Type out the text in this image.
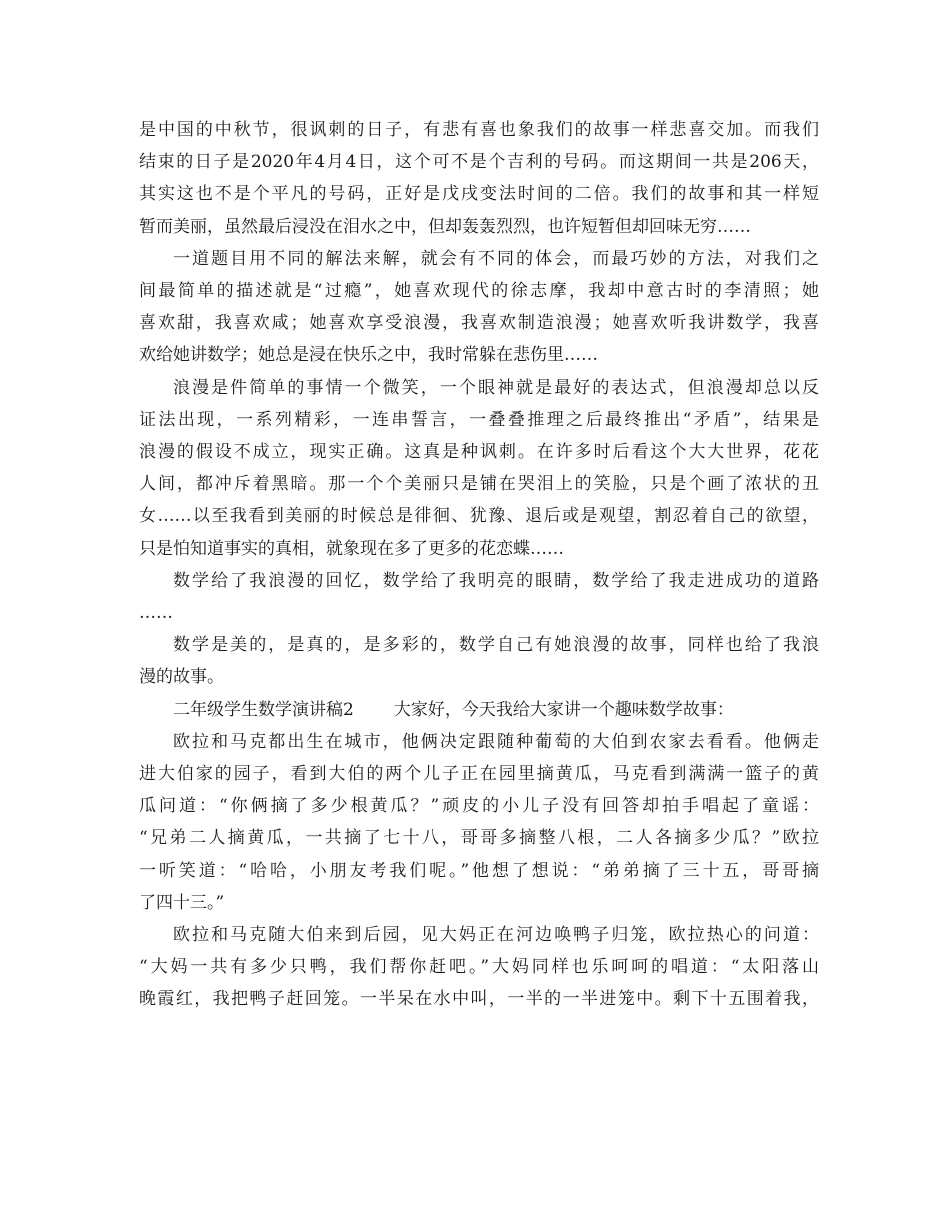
是中国的中秋节，很讽刺的日子，有悲有喜也象我们的故事一样悲喜交加。而我们
结束的日子是2020年4月4日，这个可不是个吉利的号码。而这期间一共是206天，
其实这也不是个平凡的号码，正好是戊戌变法时间的二倍。我们的故事和其一样短
暂而美丽，虽然最后浸没在泪水之中，但却轰轰烈烈，也许短暂但却回味无穷……
一道题目用不同的解法来解，就会有不同的体会，而最巧妙的方法，对我们之
间最简单的描述就是“过瘾”，她喜欢现代的徐志摩，我却中意古时的李清照；她
喜欢甜，我喜欢咸；她喜欢享受浪漫，我喜欢制造浪漫；她喜欢听我讲数学，我喜
欢给她讲数学；她总是浸在快乐之中，我时常躲在悲伤里……
浪漫是件简单的事情一个微笑，一个眼神就是最好的表达式，但浪漫却总以反
证法出现，一系列精彩，一连串誓言，一叠叠推理之后最终推出“矛盾”，结果是
浪漫的假设不成立，现实正确。这真是种讽刺。在许多时后看这个大大世界，花花
人间，都冲斥着黑暗。那一个个美丽只是铺在哭泪上的笑脸，只是个画了浓状的丑
女……以至我看到美丽的时候总是徘徊、犹豫、退后或是观望，割忍着自己的欲望，
只是怕知道事实的真相，就象现在多了更多的花恋蝶……
数学给了我浪漫的回忆，数学给了我明亮的眼睛，数学给了我走进成功的道路
……
数学是美的，是真的，是多彩的，数学自己有她浪漫的故事，同样也给了我浪
漫的故事。
二年级学生数学演讲稿2 大家好，今天我给大家讲一个趣味数学故事：
欧拉和马克都出生在城市，他俩决定跟随种葡萄的大伯到农家去看看。他俩走
进大伯家的园子，看到大伯的两个儿子正在园里摘黄瓜，马克看到满满一篮子的黄
瓜问道：“你俩摘了多少根黄瓜？”顽皮的小儿子没有回答却拍手唱起了童谣：
“兄弟二人摘黄瓜，一共摘了七十八，哥哥多摘整八根，二人各摘多少瓜？”欧拉
一听笑道：“哈哈，小朋友考我们呢。”他想了想说：“弟弟摘了三十五，哥哥摘
了四十三。”
欧拉和马克随大伯来到后园，见大妈正在河边唤鸭子归笼，欧拉热心的问道：
“大妈一共有多少只鸭，我们帮你赶吧。”大妈同样也乐呵呵的唱道：“太阳落山
晚霞红，我把鸭子赶回笼。一半呆在水中叫，一半的一半进笼中。剩下十五围着我，
